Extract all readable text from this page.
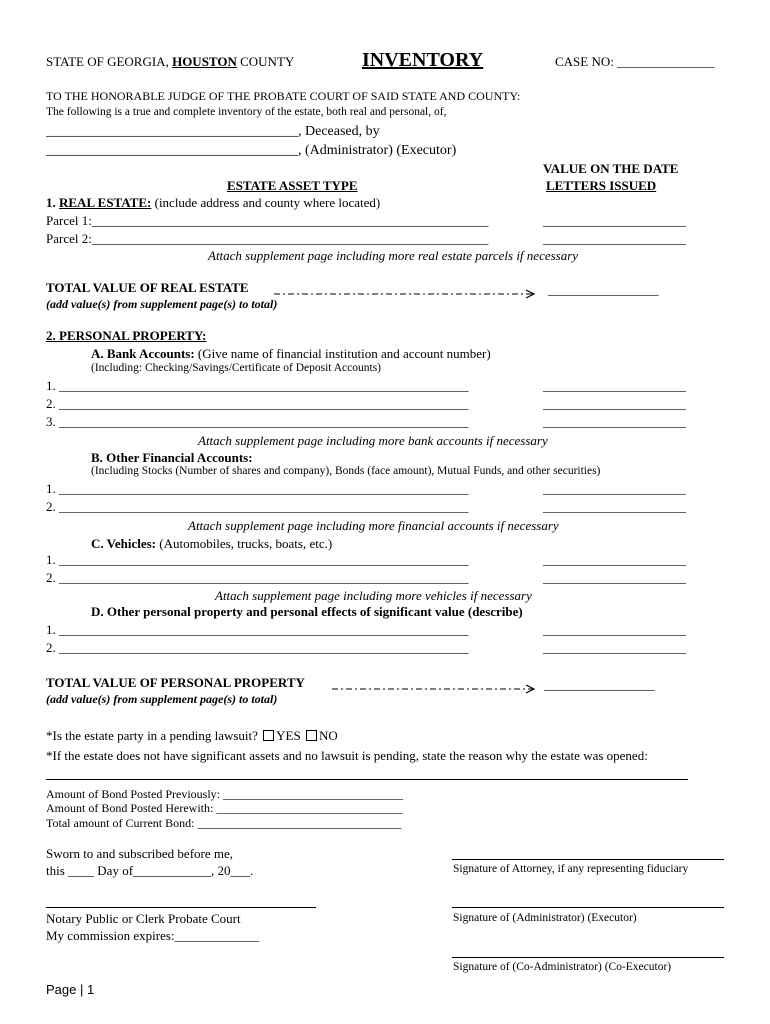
STATE OF GEORGIA, HOUSTON COUNTY	INVENTORY	CASE NO: _______________
TO THE HONORABLE JUDGE OF THE PROBATE COURT OF SAID STATE AND COUNTY:
The following is a true and complete inventory of the estate, both real and personal, of,
____________________________________, Deceased, by
____________________________________, (Administrator) (Executor)
ESTATE ASSET TYPE
VALUE ON THE DATE
LETTERS ISSUED
1. REAL ESTATE: (include address and county where located)
Parcel 1:_____________________________________________________________	______________________
Parcel 2:_____________________________________________________________	______________________
Attach supplement page including more real estate parcels if necessary
TOTAL VALUE OF REAL ESTATE	_________________
(add value(s) from supplement page(s) to total)
2. PERSONAL PROPERTY:
A. Bank Accounts: (Give name of financial institution and account number)
(Including: Checking/Savings/Certificate of Deposit Accounts)
1. _______________________________________________________________	______________________
2. _______________________________________________________________	______________________
3. _______________________________________________________________	______________________
Attach supplement page including more bank accounts if necessary
B. Other Financial Accounts:
(Including Stocks (Number of shares and company), Bonds (face amount), Mutual Funds, and other securities)
1. _______________________________________________________________	______________________
2. _______________________________________________________________	______________________
Attach supplement page including more financial accounts if necessary
C. Vehicles: (Automobiles, trucks, boats, etc.)
1. _______________________________________________________________	______________________
2. _______________________________________________________________	______________________
Attach supplement page including more vehicles if necessary
D. Other personal property and personal effects of significant value (describe)
1. _______________________________________________________________	______________________
2. _______________________________________________________________	______________________
TOTAL VALUE OF PERSONAL PROPERTY	_________________
(add value(s) from supplement page(s) to total)
*Is the estate party in a pending lawsuit? YES NO
*If the estate does not have significant assets and no lawsuit is pending, state the reason why the estate was opened:
Amount of Bond Posted Previously: ______________________________
Amount of Bond Posted Herewith: _______________________________
Total amount of Current Bond: __________________________________
Sworn to and subscribed before me,
this ____ Day of____________, 20___.
Notary Public or Clerk Probate Court
My commission expires:_____________
Signature of Attorney, if any representing fiduciary
Signature of (Administrator) (Executor)
Signature of (Co-Administrator) (Co-Executor)
Page | 1
